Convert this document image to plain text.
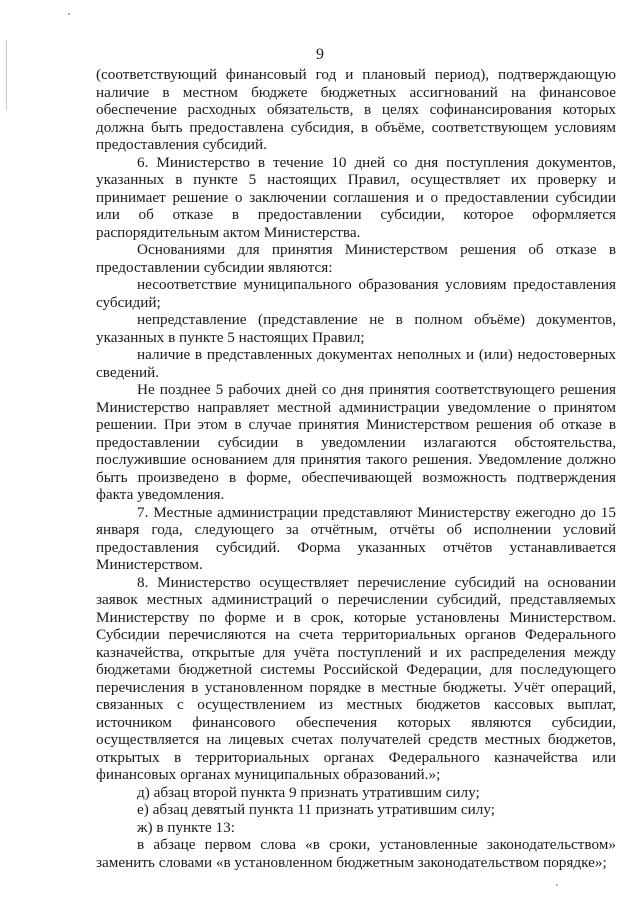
9

(соответствующий финансовый год и плановый период), подтверждающую наличие в местном бюджете бюджетных ассигнований на финансовое обеспечение расходных обязательств, в целях софинансирования которых должна быть предоставлена субсидия, в объёме, соответствующем условиям предоставления субсидий.

6. Министерство в течение 10 дней со дня поступления документов, указанных в пункте 5 настоящих Правил, осуществляет их проверку и принимает решение о заключении соглашения и о предоставлении субсидии или об отказе в предоставлении субсидии, которое оформляется распорядительным актом Министерства.

Основаниями для принятия Министерством решения об отказе в предоставлении субсидии являются:

несоответствие муниципального образования условиям предоставления субсидий;

непредставление (представление не в полном объёме) документов, указанных в пункте 5 настоящих Правил;

наличие в представленных документах неполных и (или) недостоверных сведений.

Не позднее 5 рабочих дней со дня принятия соответствующего решения Министерство направляет местной администрации уведомление о принятом решении. При этом в случае принятия Министерством решения об отказе в предоставлении субсидии в уведомлении излагаются обстоятельства, послужившие основанием для принятия такого решения. Уведомление должно быть произведено в форме, обеспечивающей возможность подтверждения факта уведомления.

7. Местные администрации представляют Министерству ежегодно до 15 января года, следующего за отчётным, отчёты об исполнении условий предоставления субсидий. Форма указанных отчётов устанавливается Министерством.

8. Министерство осуществляет перечисление субсидий на основании заявок местных администраций о перечислении субсидий, представляемых Министерству по форме и в срок, которые установлены Министерством. Субсидии перечисляются на счета территориальных органов Федерального казначейства, открытые для учёта поступлений и их распределения между бюджетами бюджетной системы Российской Федерации, для последующего перечисления в установленном порядке в местные бюджеты. Учёт операций, связанных с осуществлением из местных бюджетов кассовых выплат, источником финансового обеспечения которых являются субсидии, осуществляется на лицевых счетах получателей средств местных бюджетов, открытых в территориальных органах Федерального казначейства или финансовых органах муниципальных образований.»;

д) абзац второй пункта 9 признать утратившим силу;

е) абзац девятый пункта 11 признать утратившим силу;

ж) в пункте 13:

в абзаце первом слова «в сроки, установленные законодательством» заменить словами «в установленном бюджетным законодательством порядке»;
